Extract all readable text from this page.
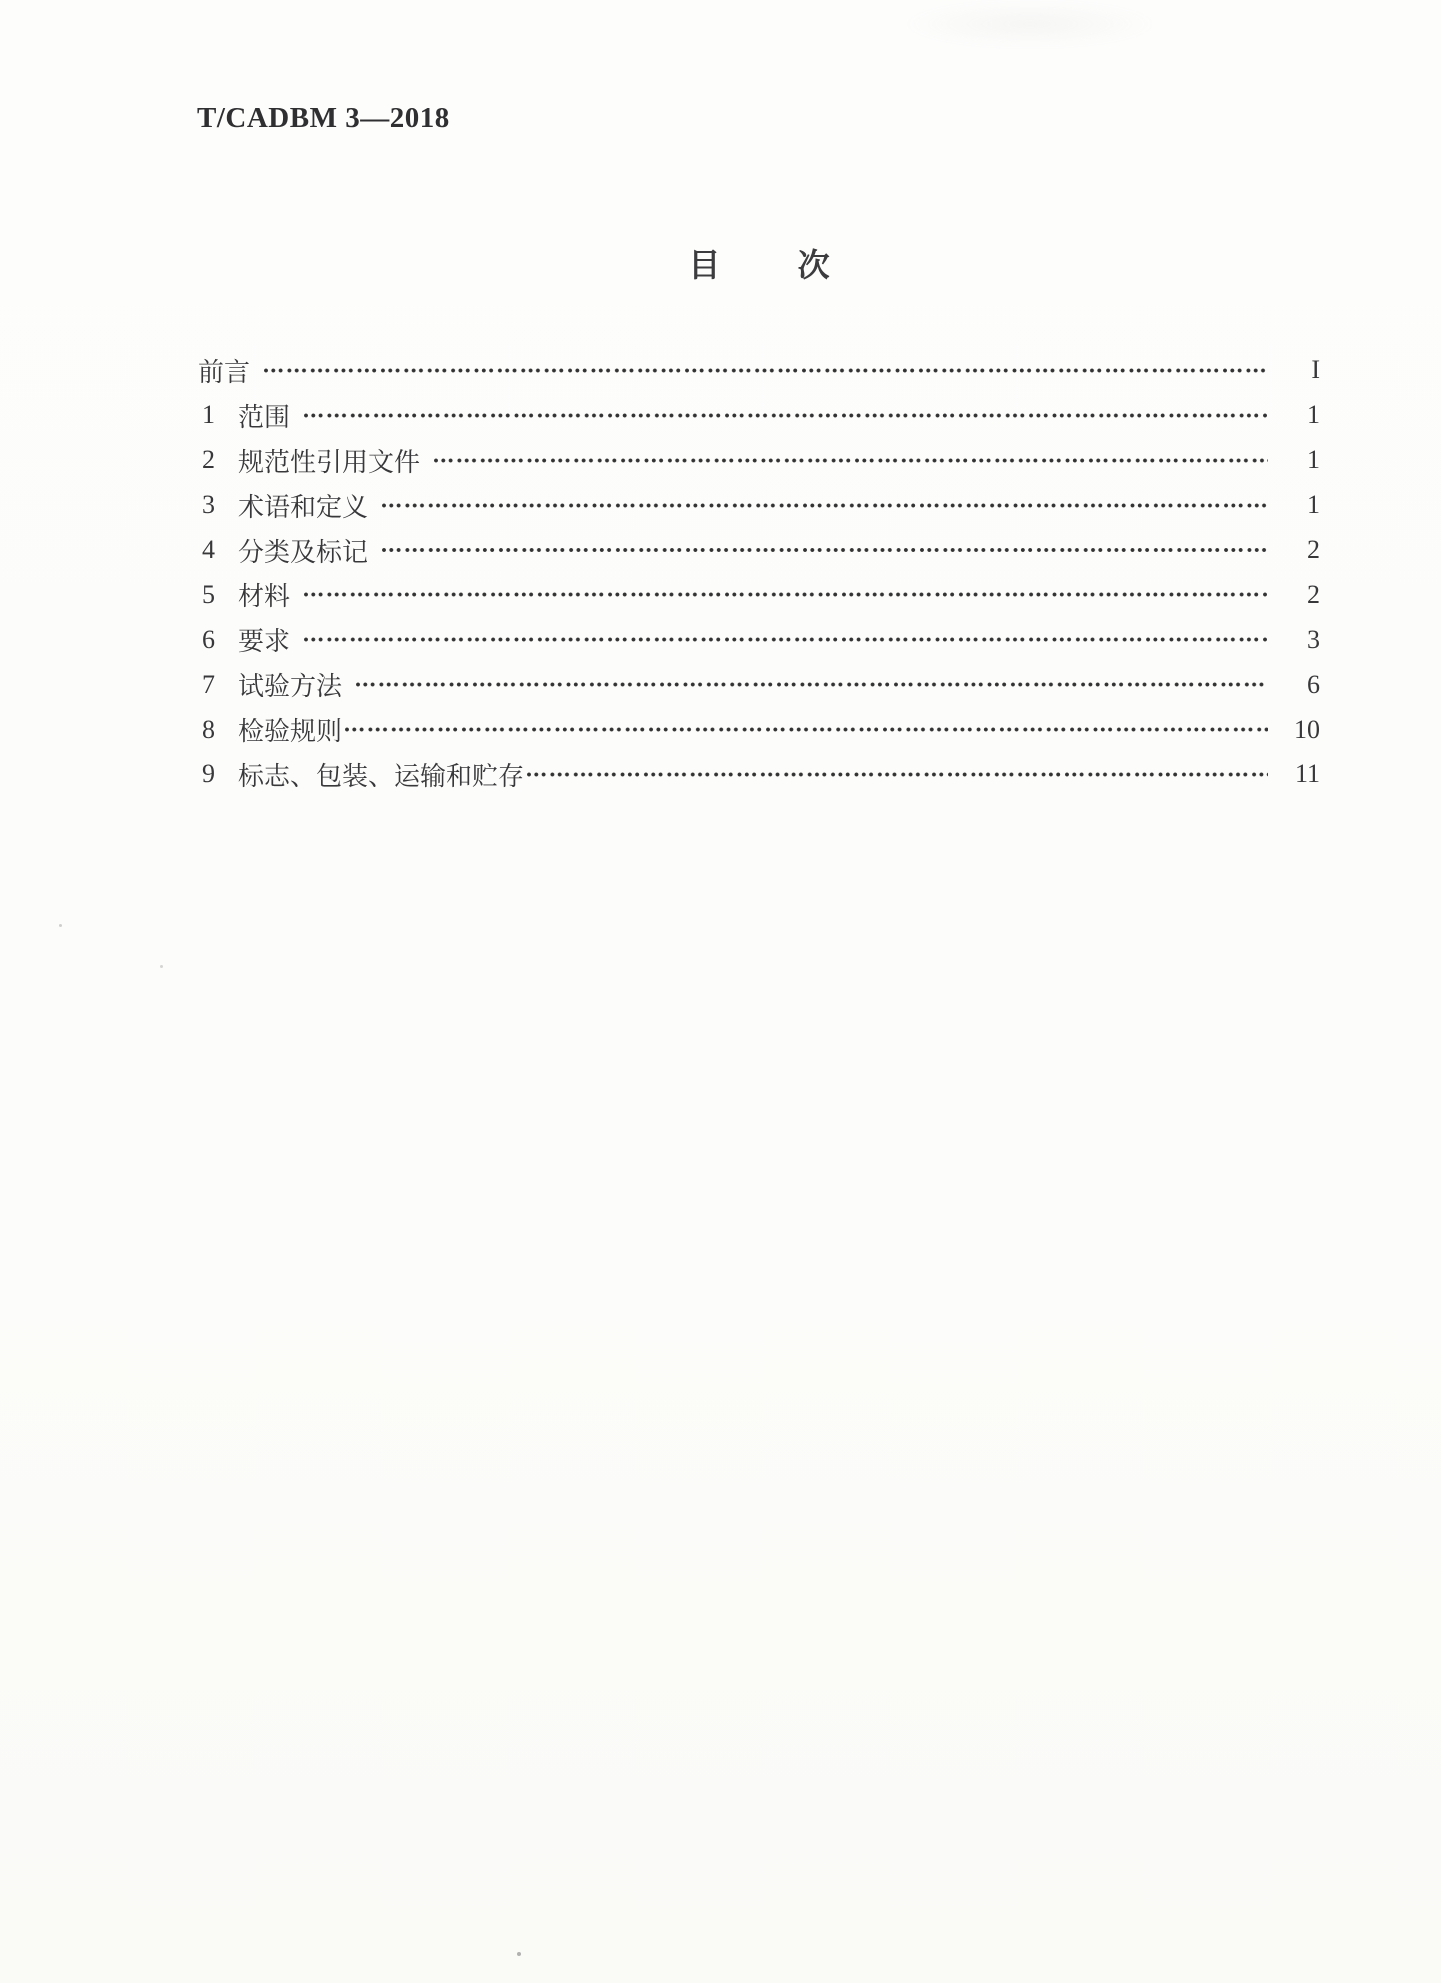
T/CADBM 3—2018
目 次
前言	I
1 范围	1
2 规范性引用文件	1
3 术语和定义	1
4 分类及标记	2
5 材料	2
6 要求	3
7 试验方法	6
8 检验规则	10
9 标志、包装、运输和贮存	11
